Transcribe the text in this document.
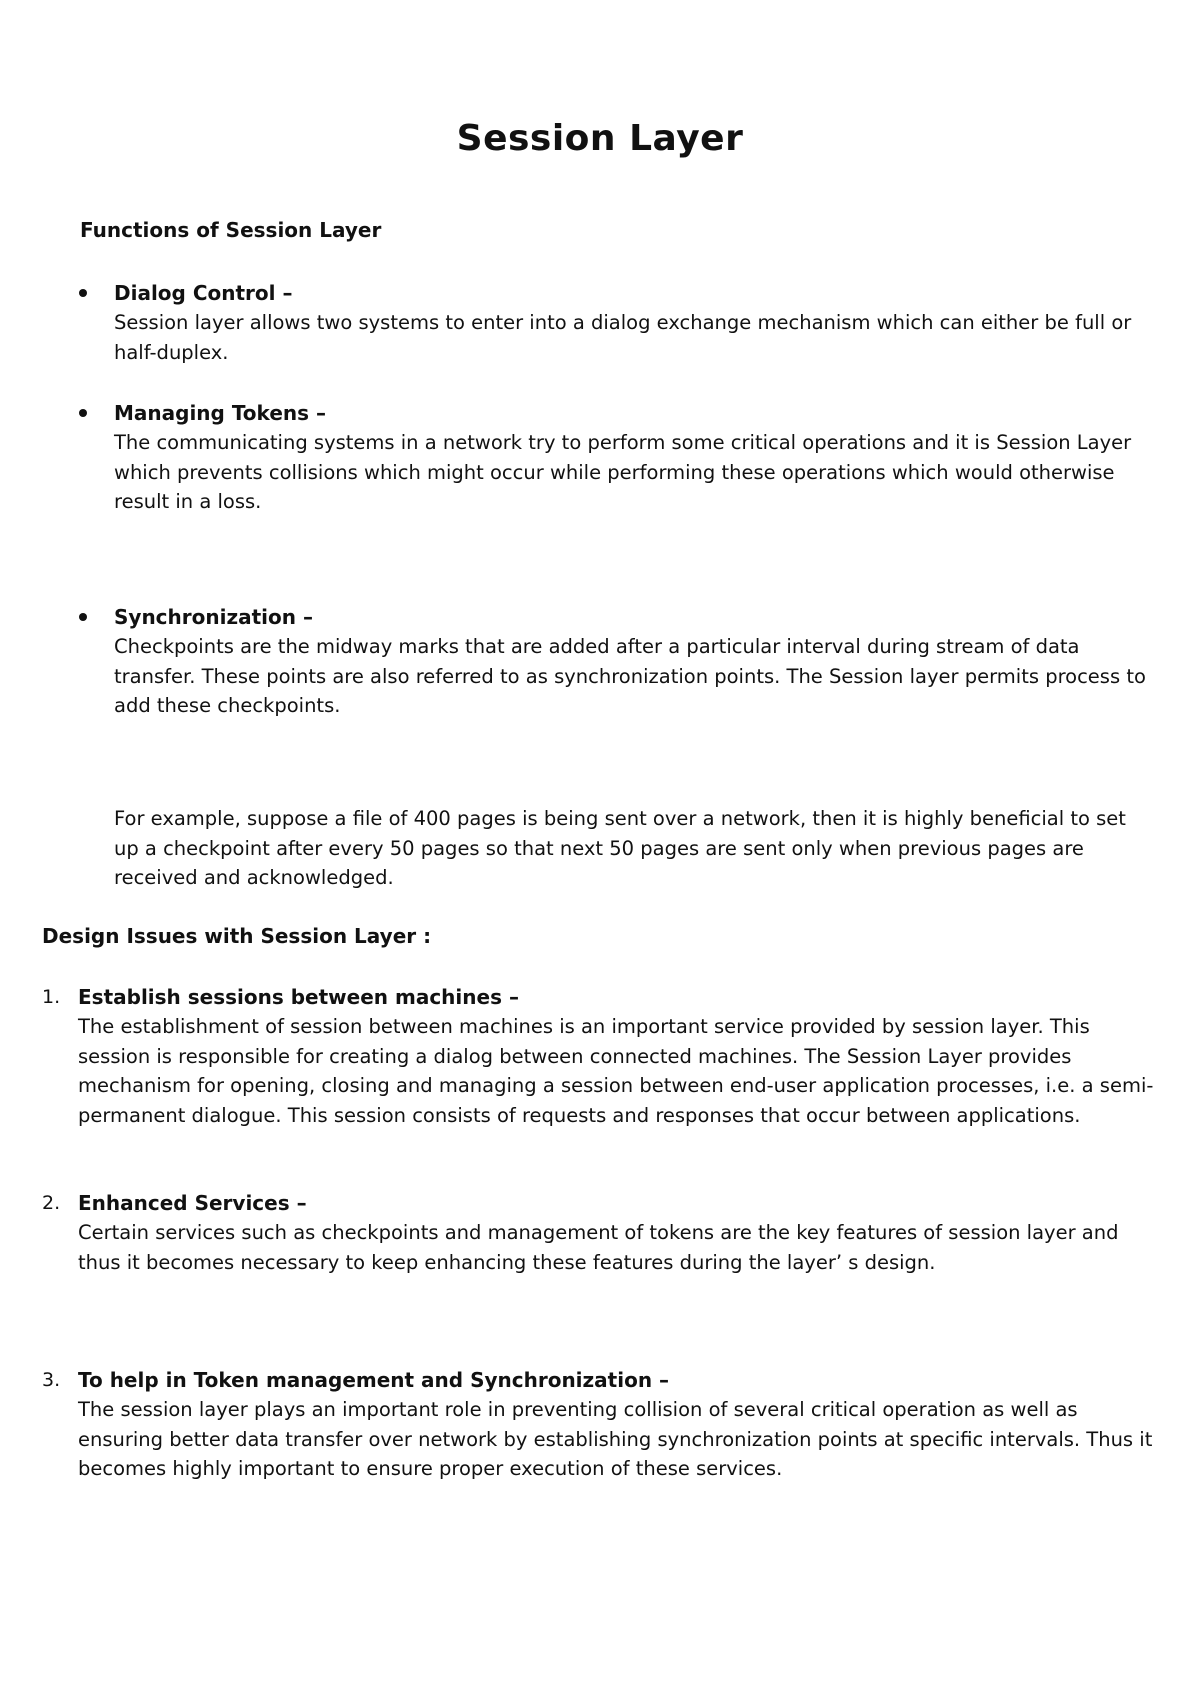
Session Layer
Functions of Session Layer

Dialog Control –

Session layer allows two systems to enter into a dialog exchange mechanism which can either be full or half-duplex.

Managing Tokens –

The communicating systems in a network try to perform some critical operations and it is Session Layer

which prevents collisions which might occur while performing these operations which would otherwise result in a loss.

Synchronization –

Checkpoints are the midway marks that are added after a particular interval during stream of data

transfer. These points are also referred to as synchronization points. The Session layer permits process to add these checkpoints.

For example, suppose a file of 400 pages is being sent over a network, then it is highly beneficial to set up a checkpoint after every 50 pages so that next 50 pages are sent only when previous pages are received and acknowledged.

Design Issues with Session Layer :
1. Establish sessions between machines –

The establishment of session between machines is an important service provided by session layer. This session is responsible for creating a dialog between connected machines. The Session Layer provides mechanism for opening, closing and managing a session between end-user application processes, i.e. a semi-permanent dialogue. This session consists of requests and responses that occur between applications.

2. Enhanced Services –

Certain services such as checkpoints and management of tokens are the key features of session layer and thus it becomes necessary to keep enhancing these features during the layer’ s design.

3. To help in Token management and Synchronization –

The session layer plays an important role in preventing collision of several critical operation as well as ensuring better data transfer over network by establishing synchronization points at specific intervals. Thus it becomes highly important to ensure proper execution of these services.
